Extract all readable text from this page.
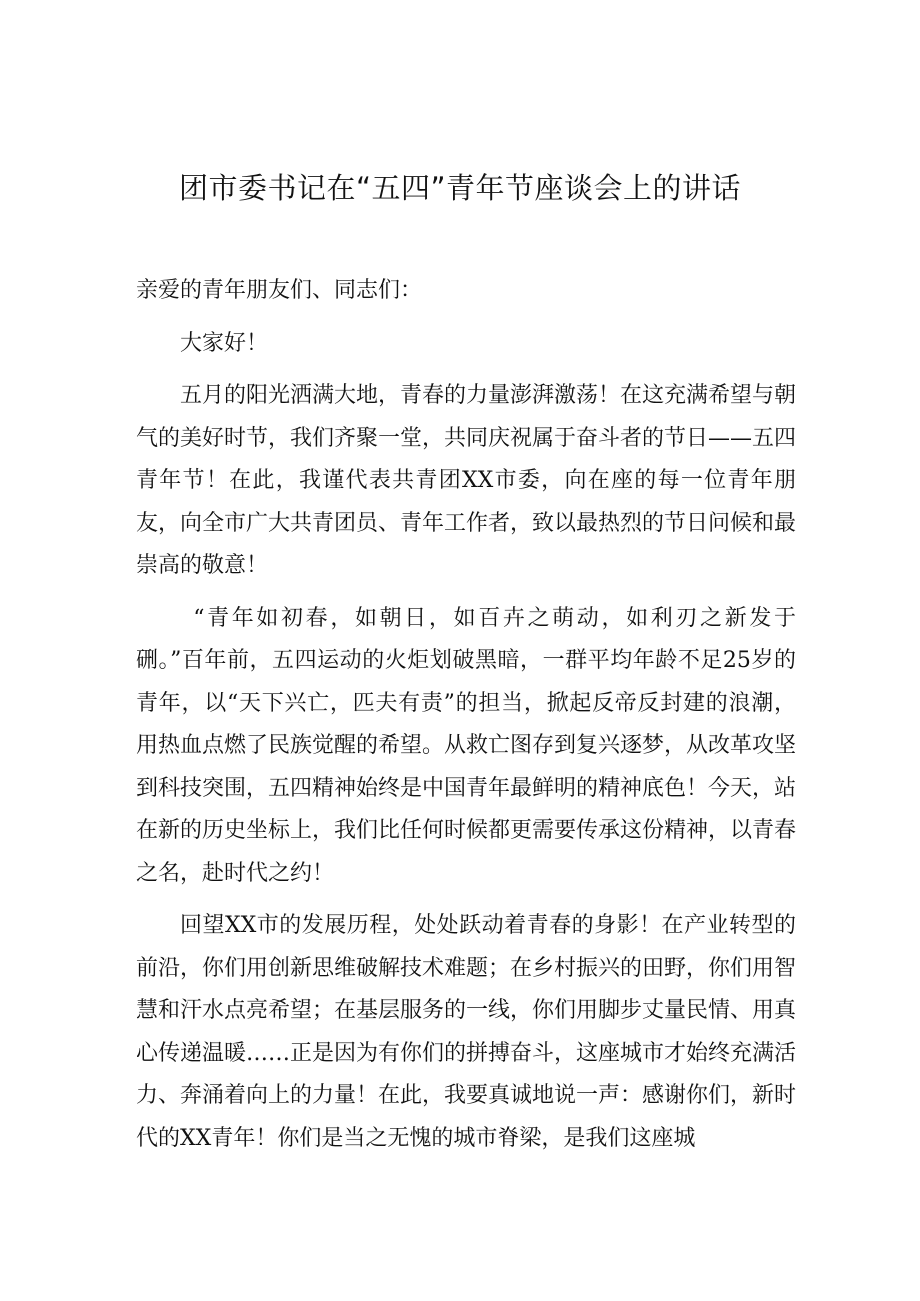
团市委书记在“五四”青年节座谈会上的讲话
亲爱的青年朋友们、同志们：
大家好！
五月的阳光洒满大地，青春的力量澎湃激荡！在这充满希望与朝气的美好时节，我们齐聚一堂，共同庆祝属于奋斗者的节日——五四青年节！在此，我谨代表共青团XX市委，向在座的每一位青年朋友，向全市广大共青团员、青年工作者，致以最热烈的节日问候和最崇高的敬意！
“青年如初春，如朝日，如百卉之萌动，如利刃之新发于硎。”百年前，五四运动的火炬划破黑暗，一群平均年龄不足25岁的青年，以“天下兴亡，匹夫有责”的担当，掀起反帝反封建的浪潮，用热血点燃了民族觉醒的希望。从救亡图存到复兴逐梦，从改革攻坚到科技突围，五四精神始终是中国青年最鲜明的精神底色！今天，站在新的历史坐标上，我们比任何时候都更需要传承这份精神，以青春之名，赴时代之约！
回望XX市的发展历程，处处跃动着青春的身影！在产业转型的前沿，你们用创新思维破解技术难题；在乡村振兴的田野，你们用智慧和汗水点亮希望；在基层服务的一线，你们用脚步丈量民情、用真心传递温暖……正是因为有你们的拼搏奋斗，这座城市才始终充满活力、奔涌着向上的力量！在此，我要真诚地说一声：感谢你们，新时代的XX青年！你们是当之无愧的城市脊梁，是我们这座城
